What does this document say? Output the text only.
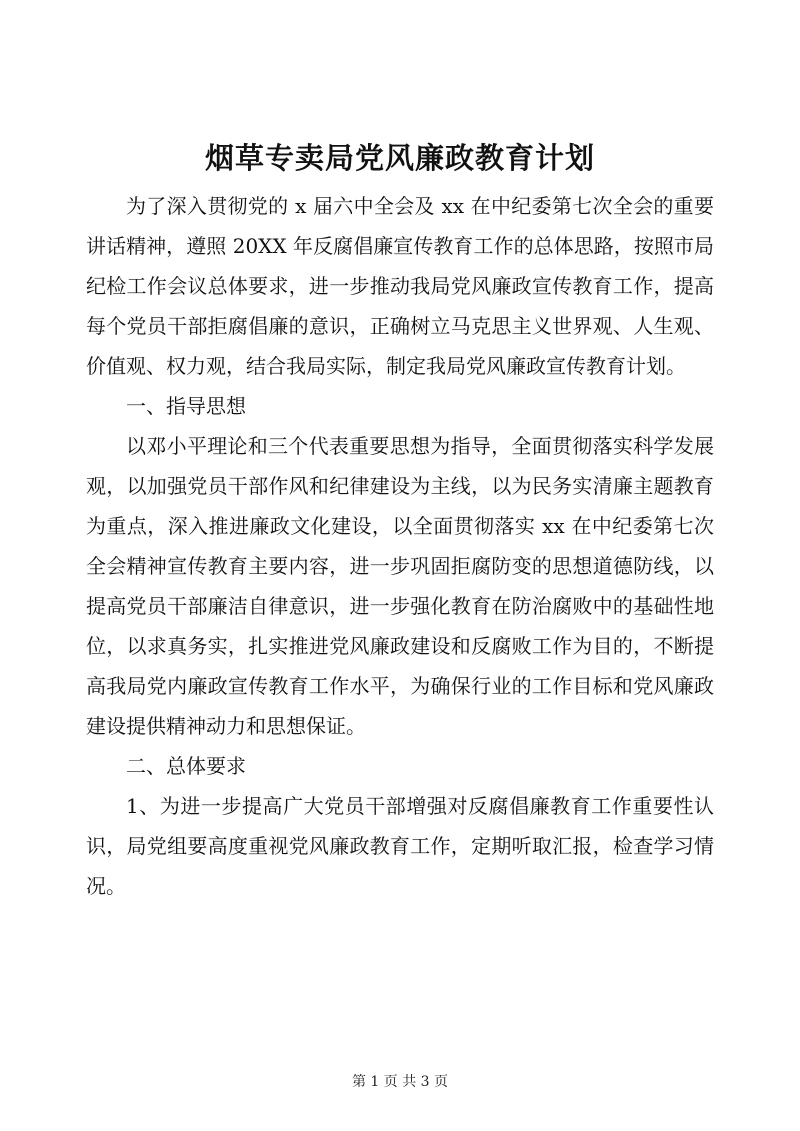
烟草专卖局党风廉政教育计划

为了深入贯彻党的 x 届六中全会及 xx 在中纪委第七次全会的重要讲话精神，遵照 20XX 年反腐倡廉宣传教育工作的总体思路，按照市局纪检工作会议总体要求，进一步推动我局党风廉政宣传教育工作，提高每个党员干部拒腐倡廉的意识，正确树立马克思主义世界观、人生观、价值观、权力观，结合我局实际，制定我局党风廉政宣传教育计划。

一、指导思想

以邓小平理论和三个代表重要思想为指导，全面贯彻落实科学发展观，以加强党员干部作风和纪律建设为主线，以为民务实清廉主题教育为重点，深入推进廉政文化建设，以全面贯彻落实 xx 在中纪委第七次全会精神宣传教育主要内容，进一步巩固拒腐防变的思想道德防线，以提高党员干部廉洁自律意识，进一步强化教育在防治腐败中的基础性地位，以求真务实，扎实推进党风廉政建设和反腐败工作为目的，不断提高我局党内廉政宣传教育工作水平，为确保行业的工作目标和党风廉政建设提供精神动力和思想保证。

二、总体要求

1、为进一步提高广大党员干部增强对反腐倡廉教育工作重要性认识，局党组要高度重视党风廉政教育工作，定期听取汇报，检查学习情况。

第 1 页 共 3 页
